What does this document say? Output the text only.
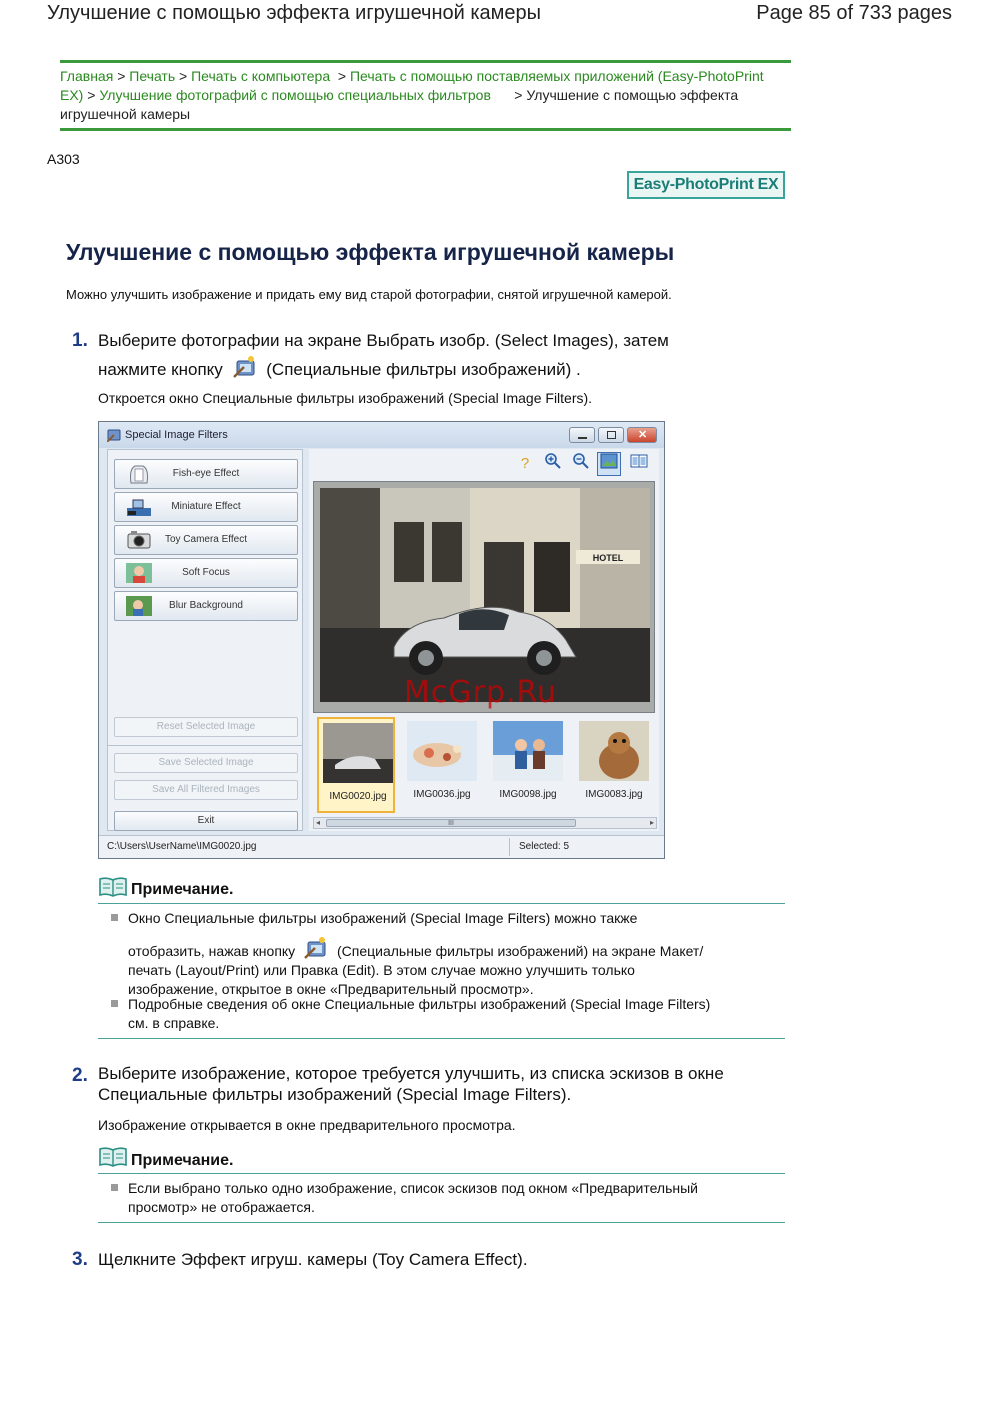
Улучшение с помощью эффекта игрушечной камеры	Page 85 of 733 pages
Главная > Печать > Печать с компьютера > Печать с помощью поставляемых приложений (Easy-PhotoPrint EX) > Улучшение фотографий с помощью специальных фильтров > Улучшение с помощью эффекта игрушечной камеры
A303
Easy-PhotoPrint EX
Улучшение с помощью эффекта игрушечной камеры
Можно улучшить изображение и придать ему вид старой фотографии, снятой игрушечной камерой.
1. Выберите фотографии на экране Выбрать изобр. (Select Images), затем
нажмите кнопку	(Специальные фильтры изображений) .
Откроется окно Специальные фильтры изображений (Special Image Filters).
Special Image Filters	✕
Fish-eye Effect
Miniature Effect
Toy Camera Effect
Soft Focus
Blur Background
Reset Selected Image
Save Selected Image
Save All Filtered Images
Exit
?
HOTEL
McGrp.Ru
IMG0020.jpg	IMG0036.jpg	IMG0098.jpg	IMG0083.jpg
◂	III	▸
C:\Users\UserName\IMG0020.jpg	Selected: 5
Примечание.
Окно Специальные фильтры изображений (Special Image Filters) можно также
отобразить, нажав кнопку	(Специальные фильтры изображений) на экране Макет/
печать (Layout/Print) или Правка (Edit). В этом случае можно улучшить только
изображение, открытое в окне «Предварительный просмотр».
Подробные сведения об окне Специальные фильтры изображений (Special Image Filters)
см. в справке.
2. Выберите изображение, которое требуется улучшить, из списка эскизов в окне
Специальные фильтры изображений (Special Image Filters).
Изображение открывается в окне предварительного просмотра.
Примечание.
Если выбрано только одно изображение, список эскизов под окном «Предварительный
просмотр» не отображается.
3. Щелкните Эффект игруш. камеры (Toy Camera Effect).
